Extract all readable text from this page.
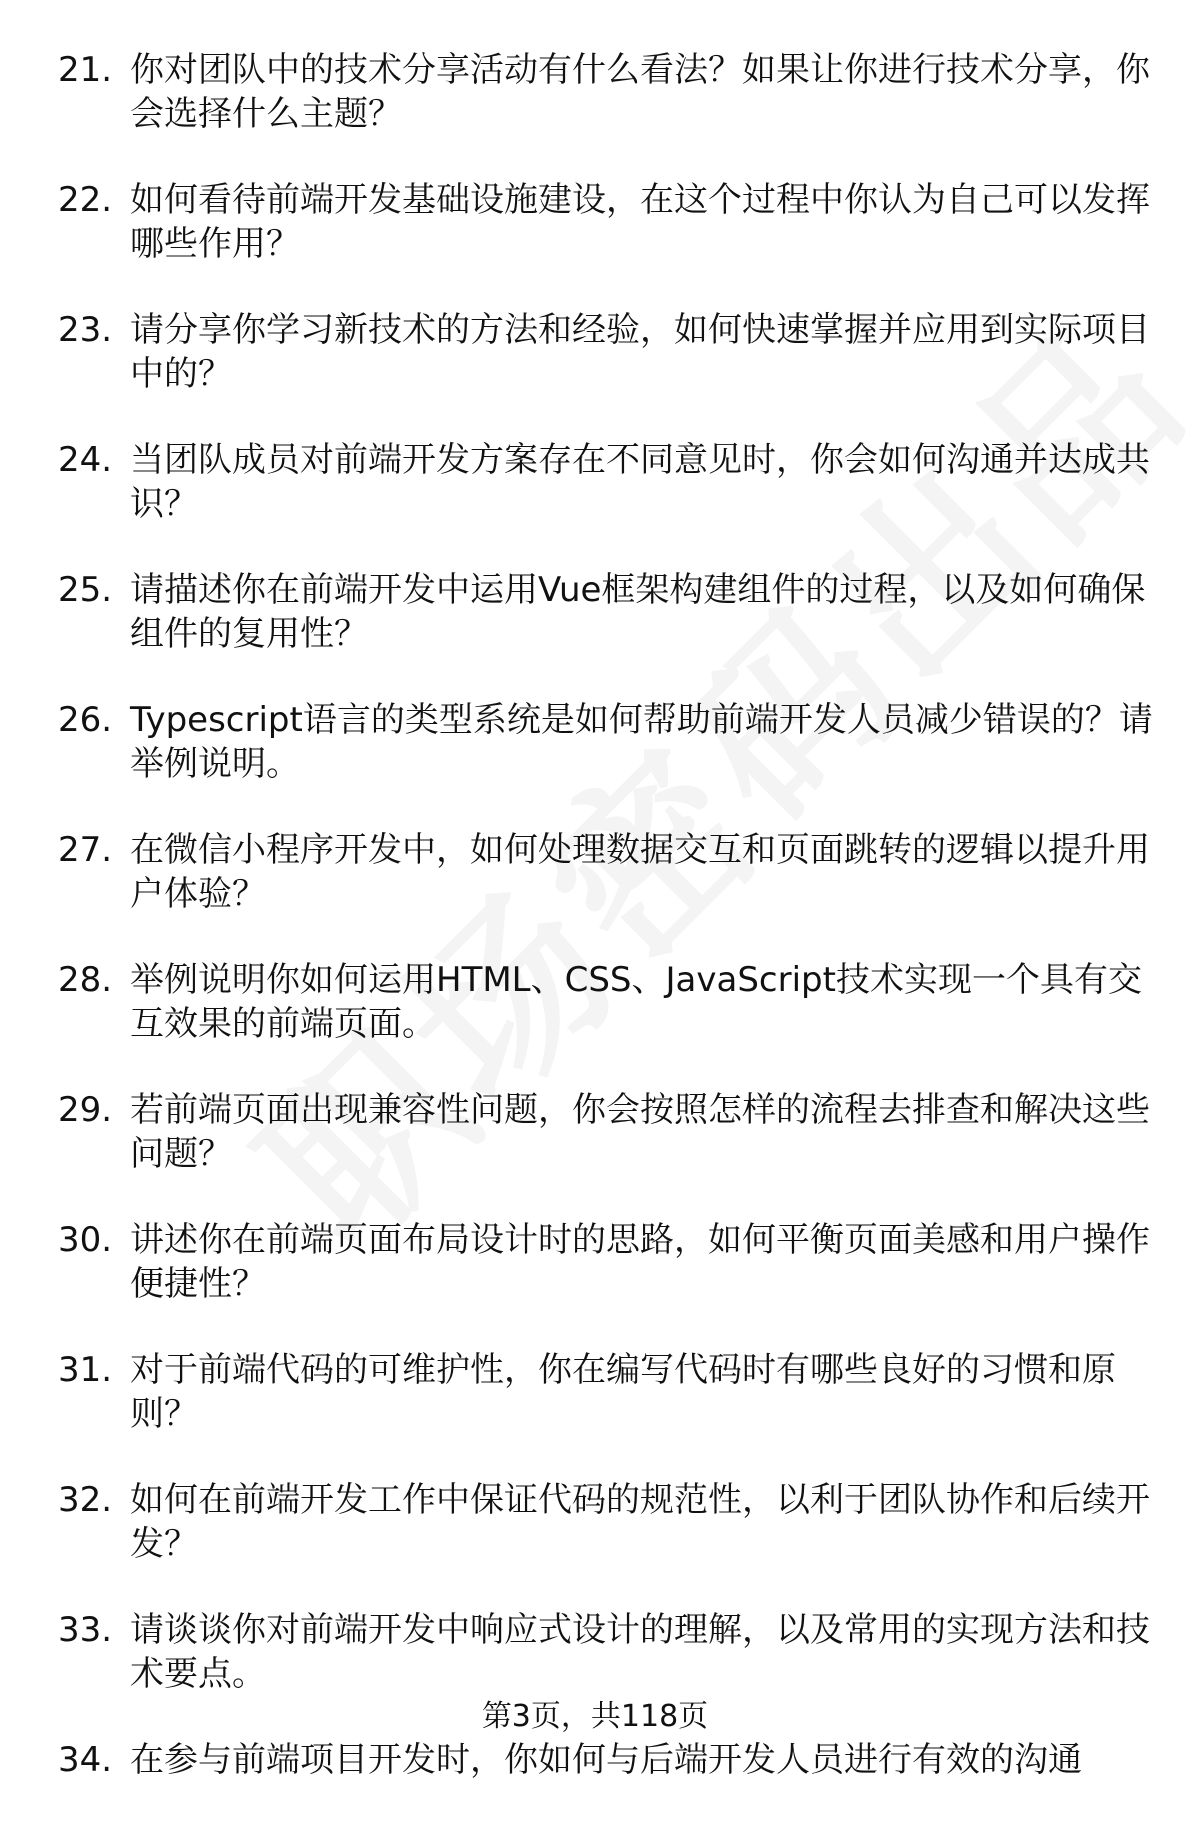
21. 你对团队中的技术分享活动有什么看法？如果让你进行技术分享，你会选择什么主题？
22. 如何看待前端开发基础设施建设，在这个过程中你认为自己可以发挥哪些作用？
23. 请分享你学习新技术的方法和经验，如何快速掌握并应用到实际项目中的？
24. 当团队成员对前端开发方案存在不同意见时，你会如何沟通并达成共识？
25. 请描述你在前端开发中运用Vue框架构建组件的过程，以及如何确保组件的复用性？
26. Typescript语言的类型系统是如何帮助前端开发人员减少错误的？请举例说明。
27. 在微信小程序开发中，如何处理数据交互和页面跳转的逻辑以提升用户体验？
28. 举例说明你如何运用HTML、CSS、JavaScript技术实现一个具有交互效果的前端页面。
29. 若前端页面出现兼容性问题，你会按照怎样的流程去排查和解决这些问题？
30. 讲述你在前端页面布局设计时的思路，如何平衡页面美感和用户操作便捷性？
31. 对于前端代码的可维护性，你在编写代码时有哪些良好的习惯和原则？
32. 如何在前端开发工作中保证代码的规范性，以利于团队协作和后续开发？
33. 请谈谈你对前端开发中响应式设计的理解，以及常用的实现方法和技术要点。
34. 在参与前端项目开发时，你如何与后端开发人员进行有效的沟通
第3页，共118页
